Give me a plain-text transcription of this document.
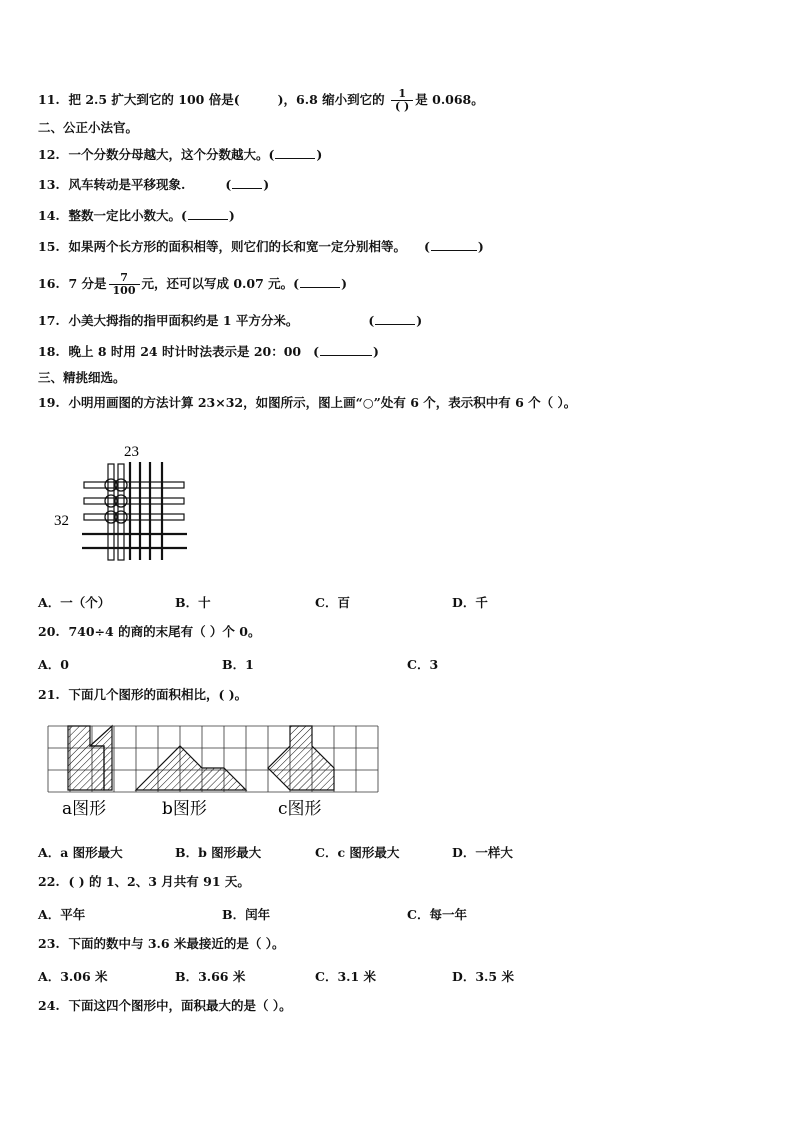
11. 把 2.5 扩大到它的 100 倍是(	)，6.8 缩小到它的 $\frac{1}{( )}$ 是 0.068。
二、公正小法官。
12. 一个分数分母越大，这个分数越大。(	)
13. 风车转动是平移现象.	(	)
14. 整数一定比小数大。(	)
15. 如果两个长方形的面积相等，则它们的长和宽一定分别相等。 (	)
16. 7 分是 $\frac{7}{100}$ 元，还可以写成 0.07 元。(	)
17. 小美大拇指的指甲面积约是 1 平方分米。	(	)
18. 晚上 8 时用 24 时计时法表示是 20：00 (	)
三、精挑细选。
19. 小明用画图的方法计算 23×32，如图所示，图上画“○”处有 6 个，表示积中有 6 个（ ）。
23
32
A．一（个）	B．十	C．百	D．千
20. 740÷4 的商的末尾有（ ）个 0。
A．0	B．1	C．3
21. 下面几个图形的面积相比，( )。
a图形	b图形	c图形
A．a 图形最大	B．b 图形最大	C．c 图形最大	D．一样大
22. ( ) 的 1、2、3 月共有 91 天。
A．平年	B．闰年	C．每一年
23. 下面的数中与 3.6 米最接近的是（ ）。
A．3.06 米	B．3.66 米	C．3.1 米	D．3.5 米
24. 下面这四个图形中，面积最大的是（ ）。
